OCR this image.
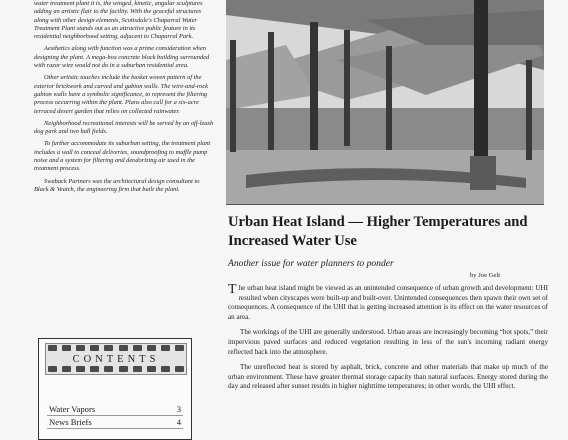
water treatment plant it is, the winged, kinetic, angular sculptures adding an artistic flair to the facility. With the graceful structures along with other design elements, Scottsdale's Chaparral Water Treatment Plant stands out as an attractive public feature in its residential neighborhood setting, adjacent to Chaparral Park.

Aesthetics along with function was a prime consideration when designing the plant. A mega-box concrete block building surrounded with razor wire would not do in a suburban residential area.

Other artistic touches include the basket woven pattern of the exterior brickwork and curved and gabion walls. The wire-and-rock gabion walls have a symbolic significance, to represent the filtering process occurring within the plant. Plans also call for a six-acre terraced desert garden that relies on collected rainwater.

Neighborhood recreational interests will be served by an off-leash dog park and two ball fields.

To further accommodate its suburban setting, the treatment plant includes a wall to conceal deliveries, soundproofing to muffle pump noise and a system for filtering and deodorizing air used in the treatment process.

Swaback Partners was the architectural design consultant to Black & Veatch, the engineering firm that built the plant.

CONTENTS
Water Vapors	3
News Briefs	4
Urban Heat Island — Higher Temperatures and Increased Water Use

Another issue for water planners to ponder

by Joe Gelt

The urban heat island might be viewed as an unintended consequence of urban growth and development: UHI resulted when cityscapes were built-up and built-over. Unintended consequences then spawn their own set of consequences. A consequence of the UHI that is getting increased attention is its effect on the water resources of an area.

The workings of the UHI are generally understood. Urban areas are increasingly becoming “hot spots,” their impervious paved surfaces and reduced vegetation resulting in less of the sun's incoming radiant energy reflected back into the atmosphere.

The unreflected heat is stored by asphalt, brick, concrete and other materials that make up much of the urban environment. These have greater thermal storage capacity than natural surfaces. Energy stored during the day and released after sunset results in higher nighttime temperatures; in other words, the UHI effect.
